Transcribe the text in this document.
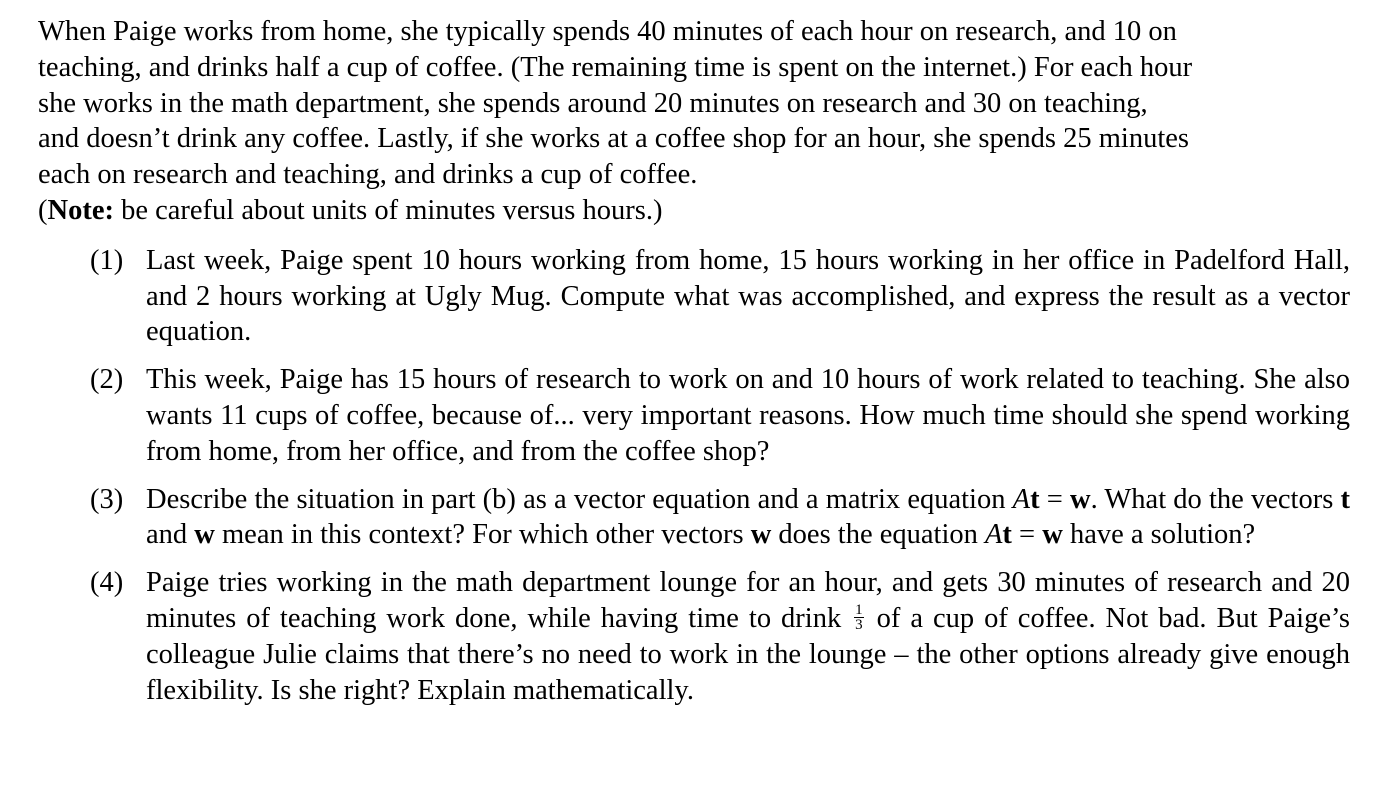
When Paige works from home, she typically spends 40 minutes of each hour on research, and 10 on
teaching, and drinks half a cup of coffee. (The remaining time is spent on the internet.) For each hour
she works in the math department, she spends around 20 minutes on research and 30 on teaching,
and doesn’t drink any coffee. Lastly, if she works at a coffee shop for an hour, she spends 25 minutes
each on research and teaching, and drinks a cup of coffee.

(Note: be careful about units of minutes versus hours.)

(1) Last week, Paige spent 10 hours working from home, 15 hours working in her office in Padelford Hall, and 2 hours working at Ugly Mug. Compute what was accomplished, and express the result as a vector equation.
(2) This week, Paige has 15 hours of research to work on and 10 hours of work related to teaching. She also wants 11 cups of coffee, because of... very important reasons. How much time should she spend working from home, from her office, and from the coffee shop?
(3) Describe the situation in part (b) as a vector equation and a matrix equation At = w. What do the vectors t and w mean in this context? For which other vectors w does the equation At = w have a solution?
(4) Paige tries working in the math department lounge for an hour, and gets 30 minutes of research and 20 minutes of teaching work done, while having time to drink $\frac{1}{3}$ of a cup of coffee. Not bad. But Paige’s colleague Julie claims that there’s no need to work in the lounge – the other options already give enough flexibility. Is she right? Explain mathematically.
